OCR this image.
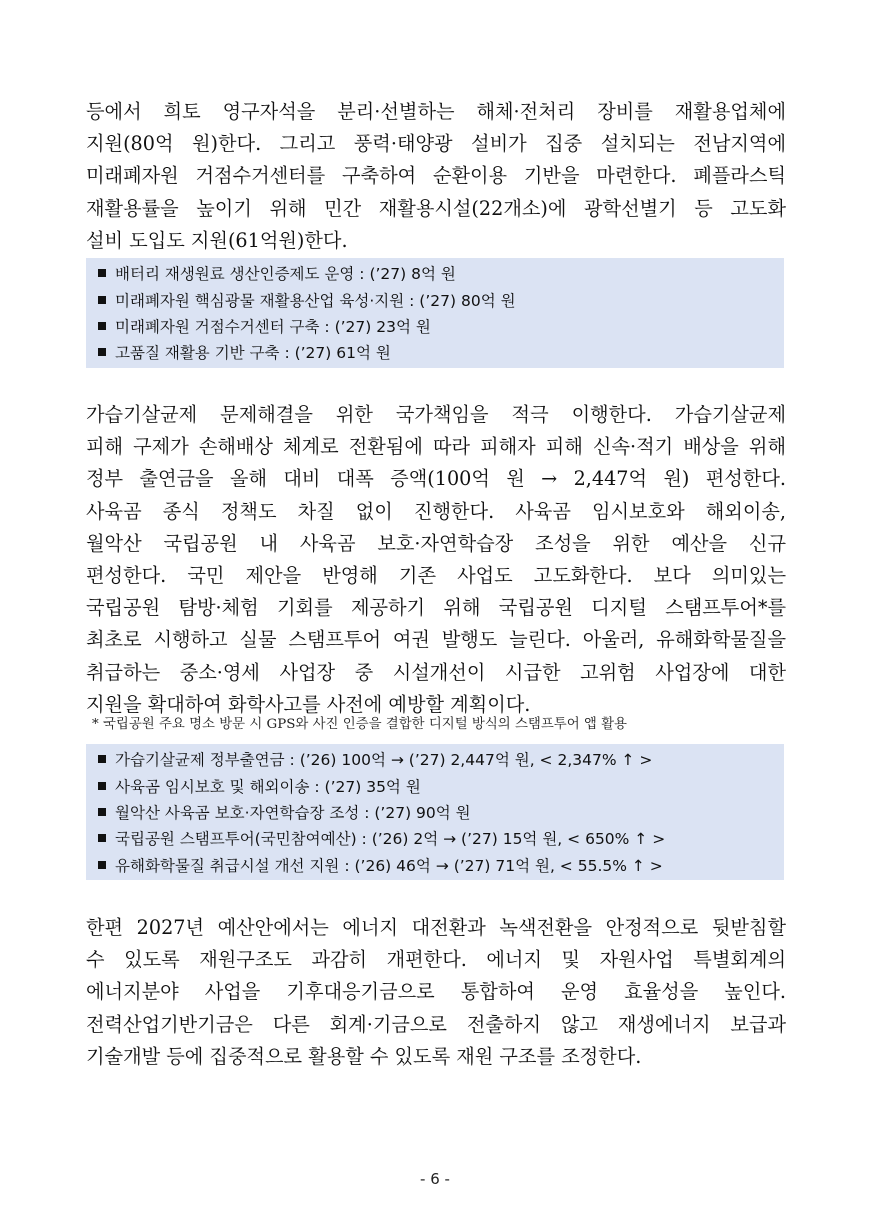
등에서 희토 영구자석을 분리·선별하는 해체·전처리 장비를 재활용업체에
지원(80억 원)한다. 그리고 풍력·태양광 설비가 집중 설치되는 전남지역에
미래폐자원 거점수거센터를 구축하여 순환이용 기반을 마련한다. 폐플라스틱
재활용률을 높이기 위해 민간 재활용시설(22개소)에 광학선별기 등 고도화
설비 도입도 지원(61억원)한다.
배터리 재생원료 생산인증제도 운영 : (’27) 8억 원
미래폐자원 핵심광물 재활용산업 육성·지원 : (’27) 80억 원
미래폐자원 거점수거센터 구축 : (’27) 23억 원
고품질 재활용 기반 구축 : (’27) 61억 원
가습기살균제 문제해결을 위한 국가책임을 적극 이행한다. 가습기살균제
피해 구제가 손해배상 체계로 전환됨에 따라 피해자 피해 신속·적기 배상을 위해
정부 출연금을 올해 대비 대폭 증액(100억 원 → 2,447억 원) 편성한다.
사육곰 종식 정책도 차질 없이 진행한다. 사육곰 임시보호와 해외이송,
월악산 국립공원 내 사육곰 보호·자연학습장 조성을 위한 예산을 신규
편성한다. 국민 제안을 반영해 기존 사업도 고도화한다. 보다 의미있는
국립공원 탐방·체험 기회를 제공하기 위해 국립공원 디지털 스탬프투어*를
최초로 시행하고 실물 스탬프투어 여권 발행도 늘린다. 아울러, 유해화학물질을
취급하는 중소·영세 사업장 중 시설개선이 시급한 고위험 사업장에 대한
지원을 확대하여 화학사고를 사전에 예방할 계획이다.

* 국립공원 주요 명소 방문 시 GPS와 사진 인증을 결합한 디지털 방식의 스탬프투어 앱 활용

가습기살균제 정부출연금 : (’26) 100억 → (’27) 2,447억 원, < 2,347% ↑ >
사육곰 임시보호 및 해외이송 : (’27) 35억 원
월악산 사육곰 보호·자연학습장 조성 : (’27) 90억 원
국립공원 스탬프투어(국민참여예산) : (’26) 2억 → (’27) 15억 원, < 650% ↑ >
유해화학물질 취급시설 개선 지원 : (’26) 46억 → (’27) 71억 원, < 55.5% ↑ >
한편 2027년 예산안에서는 에너지 대전환과 녹색전환을 안정적으로 뒷받침할
수 있도록 재원구조도 과감히 개편한다. 에너지 및 자원사업 특별회계의
에너지분야 사업을 기후대응기금으로 통합하여 운영 효율성을 높인다.
전력산업기반기금은 다른 회계·기금으로 전출하지 않고 재생에너지 보급과
기술개발 등에 집중적으로 활용할 수 있도록 재원 구조를 조정한다.
- 6 -
